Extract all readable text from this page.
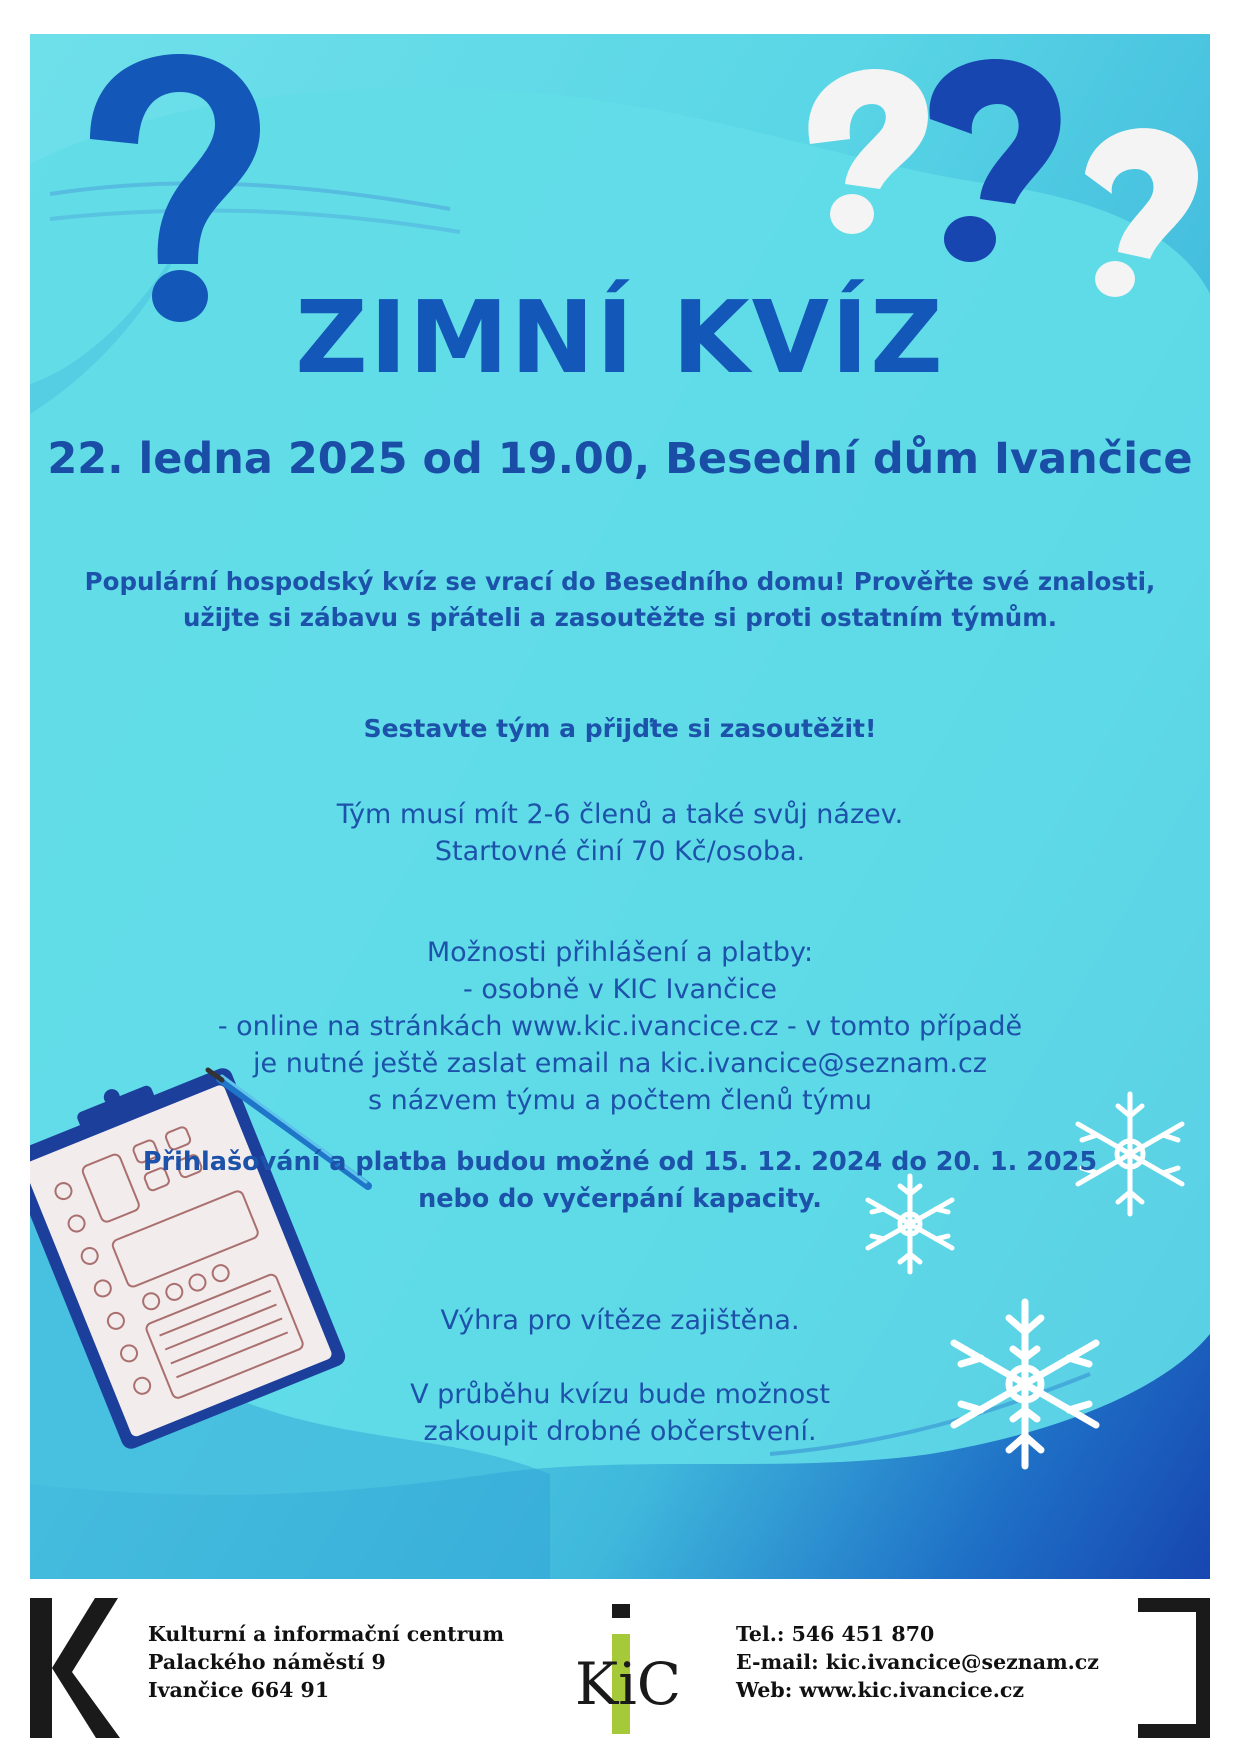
ZIMNÍ KVÍZ
22. ledna 2025 od 19.00, Besední dům Ivančice
Populární hospodský kvíz se vrací do Besedního domu! Prověřte své znalosti,
užijte si zábavu s přáteli a zasoutěžte si proti ostatním týmům.
Sestavte tým a přijďte si zasoutěžit!
Tým musí mít 2-6 členů a také svůj název.
Startovné činí 70 Kč/osoba.
Možnosti přihlášení a platby:
- osobně v KIC Ivančice
- online na stránkách www.kic.ivancice.cz - v tomto případě
je nutné ještě zaslat email na kic.ivancice@seznam.cz
s názvem týmu a počtem členů týmu
Přihlašování a platba budou možné od 15. 12. 2024 do 20. 1. 2025
nebo do vyčerpání kapacity.
Výhra pro vítěze zajištěna.
V průběhu kvízu bude možnost
zakoupit drobné občerstvení.
Kulturní a informační centrum
Palackého náměstí 9
Ivančice 664 91	KiC
Tel.: 546 451 870
E-mail: kic.ivancice@seznam.cz
Web: www.kic.ivancice.cz
